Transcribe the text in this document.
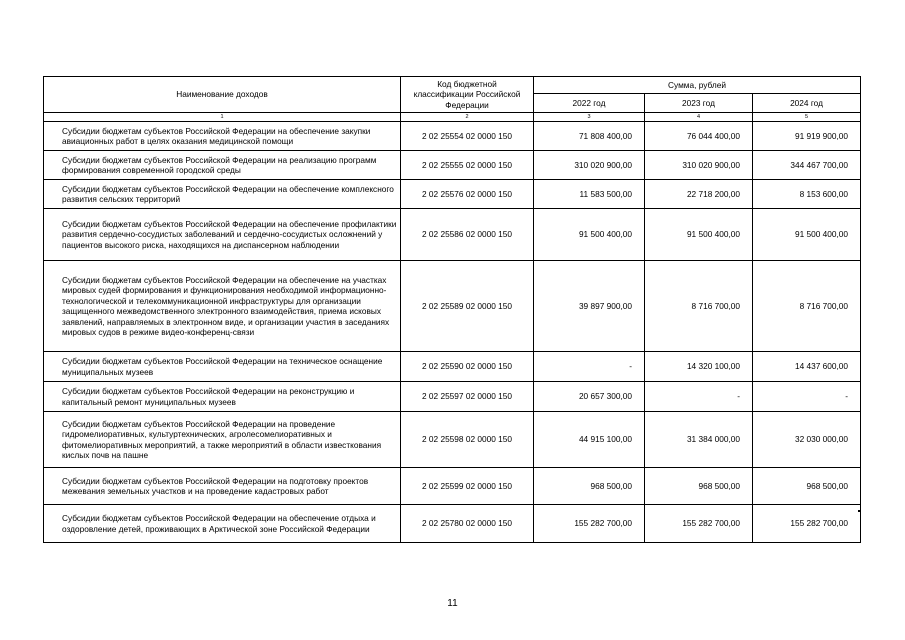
Наименование доходов	Код бюджетной классификации Российской Федерации	Сумма, рублей		
		2022 год	2023 год	2024 год
1	2	3	4	5
Субсидии бюджетам субъектов Российской Федерации на обеспечение закупки авиационных работ в целях оказания медицинской помощи	2 02 25554 02 0000 150	71 808 400,00	76 044 400,00	91 919 900,00
Субсидии бюджетам субъектов Российской Федерации на реализацию программ формирования современной городской среды	2 02 25555 02 0000 150	310 020 900,00	310 020 900,00	344 467 700,00
Субсидии бюджетам субъектов Российской Федерации на обеспечение комплексного развития сельских территорий	2 02 25576 02 0000 150	11 583 500,00	22 718 200,00	8 153 600,00
Субсидии бюджетам субъектов Российской Федерации на обеспечение профилактики развития сердечно-сосудистых заболеваний и сердечно-сосудистых осложнений у пациентов высокого риска, находящихся на диспансерном наблюдении	2 02 25586 02 0000 150	91 500 400,00	91 500 400,00	91 500 400,00
Субсидии бюджетам субъектов Российской Федерации на обеспечение на участках мировых судей формирования и функционирования необходимой информационно-технологической и телекоммуникационной инфраструктуры для организации защищенного межведомственного электронного взаимодействия, приема исковых заявлений, направляемых в электронном виде, и организации участия в заседаниях мировых судов в режиме видео-конференц-связи	2 02 25589 02 0000 150	39 897 900,00	8 716 700,00	8 716 700,00
Субсидии бюджетам субъектов Российской Федерации на техническое оснащение муниципальных музеев	2 02 25590 02 0000 150	-	14 320 100,00	14 437 600,00
Субсидии бюджетам субъектов Российской Федерации на реконструкцию и капитальный ремонт муниципальных музеев	2 02 25597 02 0000 150	20 657 300,00	-	-
Субсидии бюджетам субъектов Российской Федерации на проведение гидромелиоративных, культуртехнических, агролесомелиоративных и фитомелиоративных мероприятий, а также мероприятий в области известкования кислых почв на пашне	2 02 25598 02 0000 150	44 915 100,00	31 384 000,00	32 030 000,00
Субсидии бюджетам субъектов Российской Федерации на подготовку проектов межевания земельных участков и на проведение кадастровых работ	2 02 25599 02 0000 150	968 500,00	968 500,00	968 500,00
Субсидии бюджетам субъектов Российской Федерации на обеспечение отдыха и оздоровление детей, проживающих в Арктической зоне Российской Федерации	2 02 25780 02 0000 150	155 282 700,00	155 282 700,00	155 282 700,00
11
